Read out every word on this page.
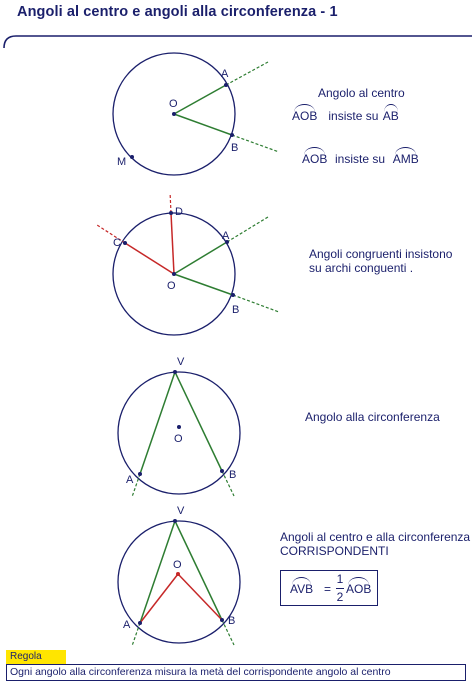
Angoli al centro e angoli alla circonferenza - 1
O
A
B
M
Angolo al centro
AOB insiste su AB
AOB insiste su AMB
O
A
B
D
C
Angoli congruenti insistono
su archi conguenti .
V
O
A	B
Angolo alla circonferenza
V
O
A	B
Angoli al centro e alla circonferenza
CORRISPONDENTI
AVB =
1
2
AOB
Regola
Ogni angolo alla circonferenza misura la metà del corrispondente angolo al centro
